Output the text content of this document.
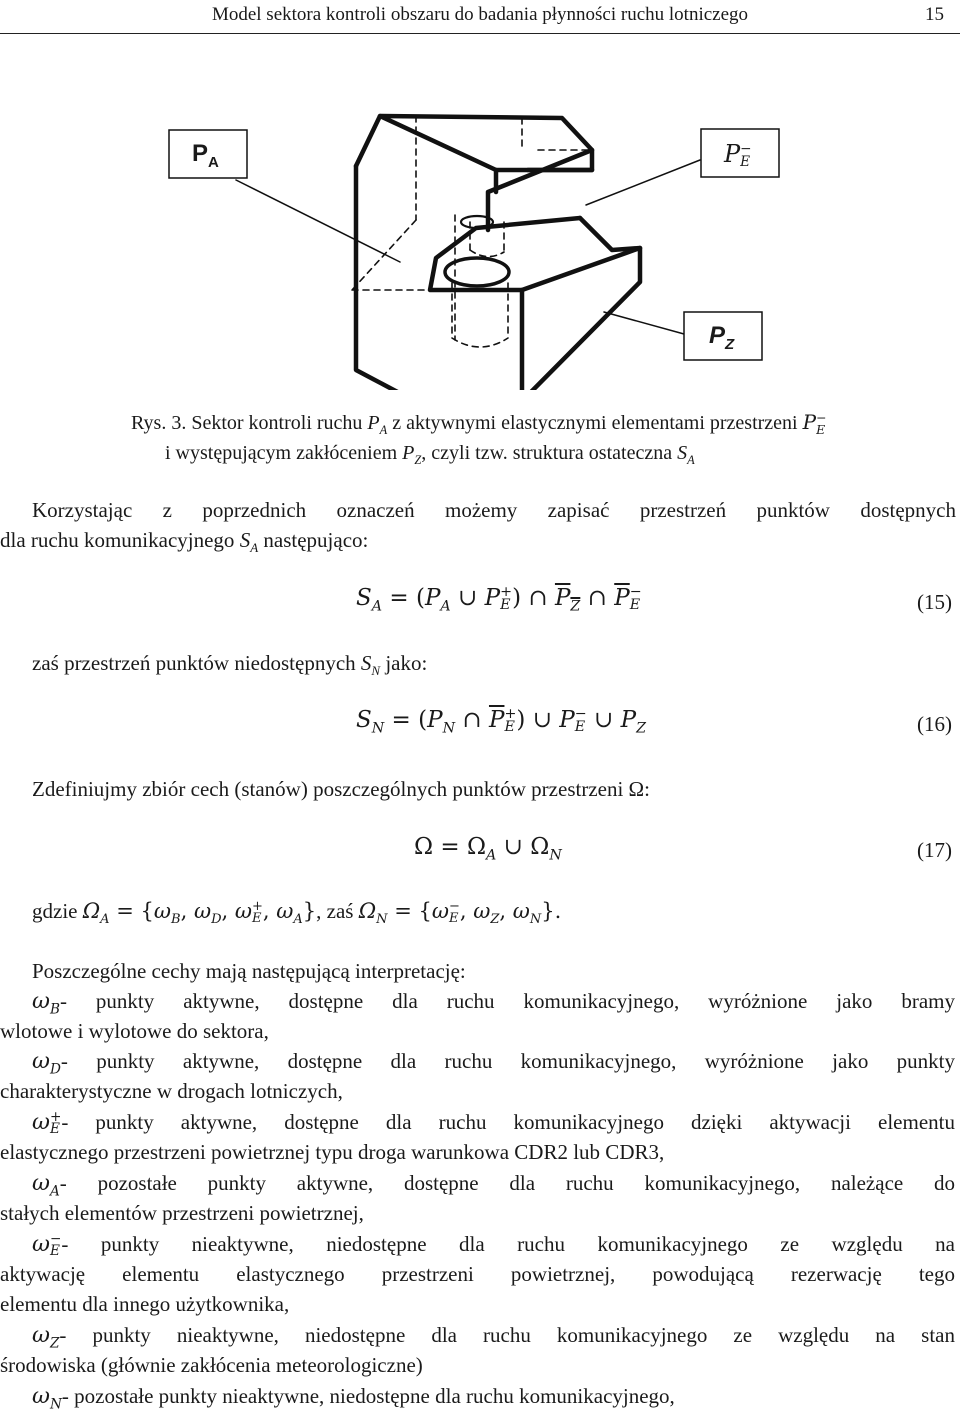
Model sektora kontroli obszaru do badania płynności ruchu lotniczego	15
$P_A$	P −
E
$P_Z$
Rys. 3. Sektor kontroli ruchu $P_A$ z aktywnymi elastycznymi elementami przestrzeni P −
E
i występującym zakłóceniem $P_Z$, czyli tzw. struktura ostateczna $S_A$
Korzystając z poprzednich oznaczeń możemy zapisać przestrzeń punktów dostępnych
dla ruchu komunikacyjnego $S_A$ następująco:
$S_A = (P_A$ ∪ P +
E ) ∩ $P_Z$ ∩ P −
E	(15)
zaś przestrzeń punktów niedostępnych $S_N$ jako:
$S_N = (P_N$ ∩ P +
E ) ∪ P −
E ∪ $P_Z$	(16)
Zdefiniujmy zbiór cech (stanów) poszczególnych punktów przestrzeni Ω:
$\Omega = \Omega_A$ ∪ $\Omega_N$	(17)
gdzie $\Omega_A = \{\omega_B$, $\omega_D$, ω +
E , $\omega_A$}, zaś $\Omega_N = \{\omega$ −
E , $\omega_Z$, $\omega_N$}.
Poszczególne cechy mają następującą interpretację:
$\omega_B-$ punkty aktywne, dostępne dla ruchu komunikacyjnego, wyróżnione jako bramy
wlotowe i wylotowe do sektora,
$\omega_D-$ punkty aktywne, dostępne dla ruchu komunikacyjnego, wyróżnione jako punkty
charakterystyczne w drogach lotniczych,
ω +
E - punkty aktywne, dostępne dla ruchu komunikacyjnego dzięki aktywacji elementu
elastycznego przestrzeni powietrznej typu droga warunkowa CDR2 lub CDR3,
$\omega_A-$ pozostałe punkty aktywne, dostępne dla ruchu komunikacyjnego, należące do
stałych elementów przestrzeni powietrznej,
ω −
E - punkty nieaktywne, niedostępne dla ruchu komunikacyjnego ze względu na
aktywację elementu elastycznego przestrzeni powietrznej, powodującą rezerwację tego
elementu dla innego użytkownika,
$\omega_Z-$ punkty nieaktywne, niedostępne dla ruchu komunikacyjnego ze względu na stan
środowiska (głównie zakłócenia meteorologiczne)
$\omega_N-$ pozostałe punkty nieaktywne, niedostępne dla ruchu komunikacyjnego,
